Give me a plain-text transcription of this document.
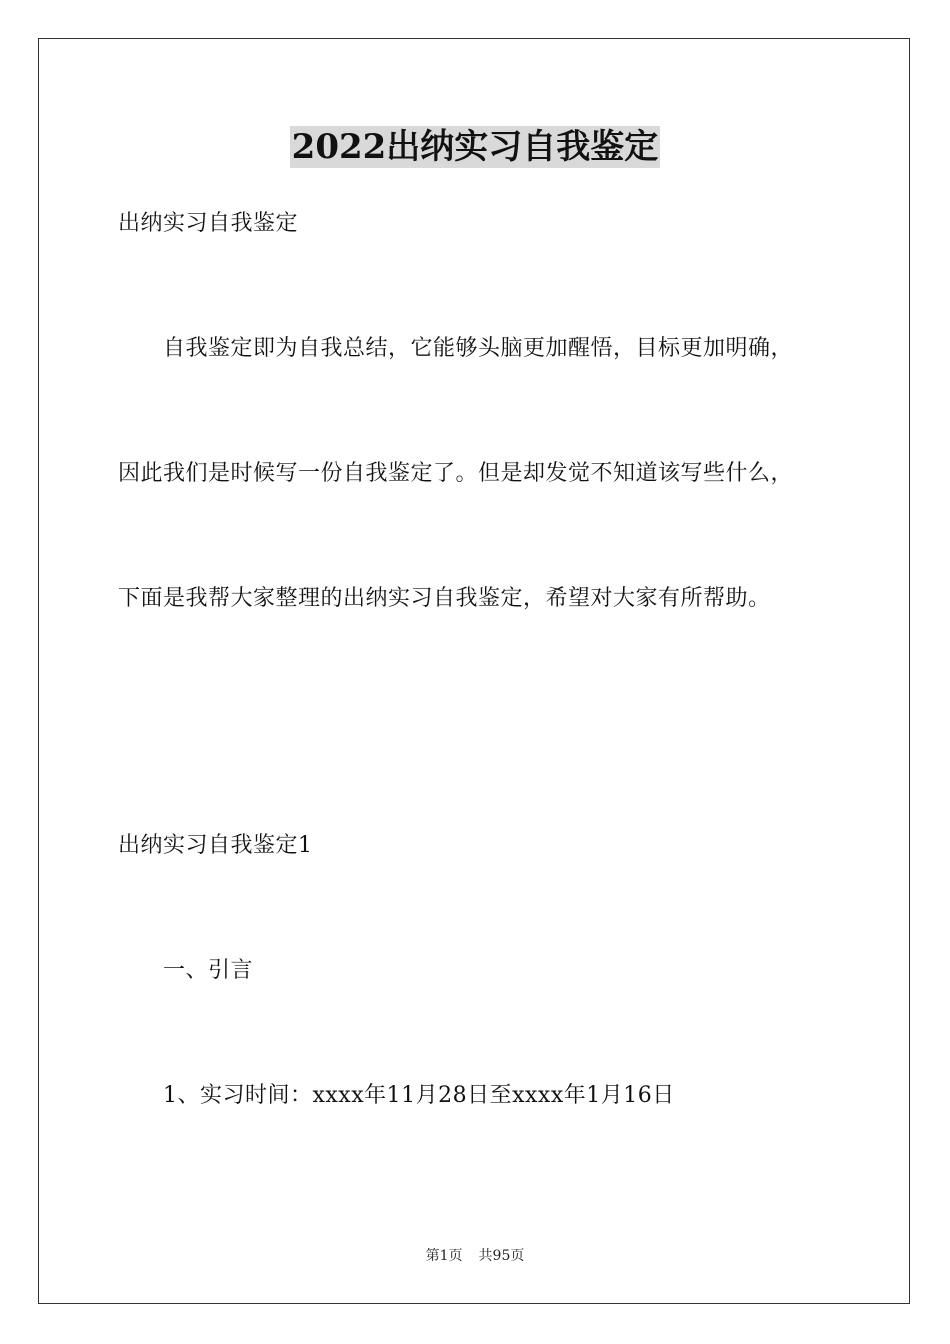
2022出纳实习自我鉴定
出纳实习自我鉴定
自我鉴定即为自我总结，它能够头脑更加醒悟，目标更加明确，
因此我们是时候写一份自我鉴定了。但是却发觉不知道该写些什么，
下面是我帮大家整理的出纳实习自我鉴定，希望对大家有所帮助。
出纳实习自我鉴定1
一、引言
1、实习时间：xxxx年11月28日至xxxx年1月16日
第1页 共95页
